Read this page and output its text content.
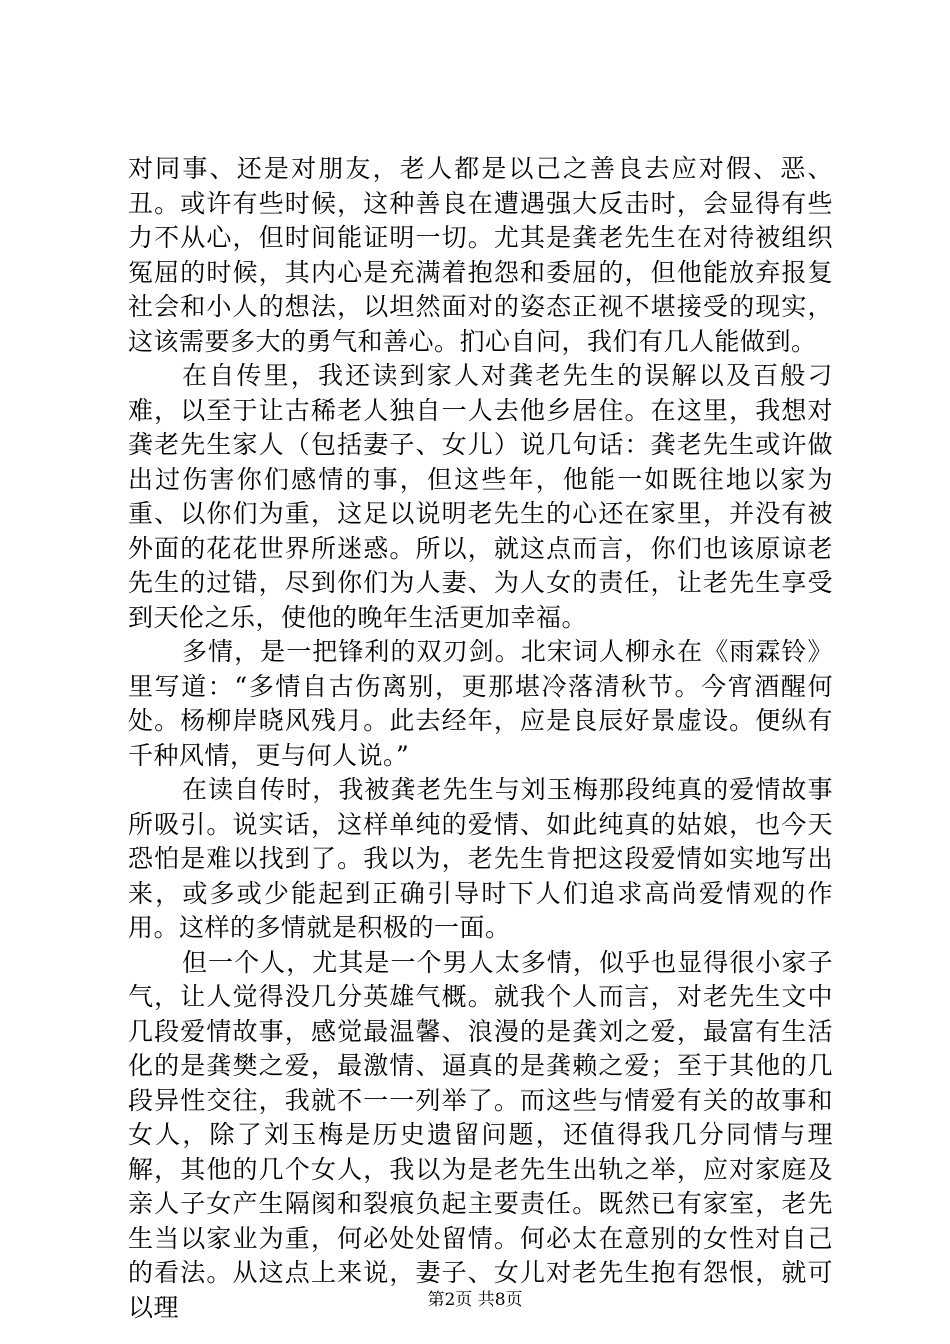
对同事、还是对朋友，老人都是以己之善良去应对假、恶、丑。或许有些时候，这种善良在遭遇强大反击时，会显得有些力不从心，但时间能证明一切。尤其是龚老先生在对待被组织冤屈的时候，其内心是充满着抱怨和委屈的，但他能放弃报复社会和小人的想法，以坦然面对的姿态正视不堪接受的现实，这该需要多大的勇气和善心。扪心自问，我们有几人能做到。

在自传里，我还读到家人对龚老先生的误解以及百般刁难，以至于让古稀老人独自一人去他乡居住。在这里，我想对龚老先生家人（包括妻子、女儿）说几句话：龚老先生或许做出过伤害你们感情的事，但这些年，他能一如既往地以家为重、以你们为重，这足以说明老先生的心还在家里，并没有被外面的花花世界所迷惑。所以，就这点而言，你们也该原谅老先生的过错，尽到你们为人妻、为人女的责任，让老先生享受到天伦之乐，使他的晚年生活更加幸福。

多情，是一把锋利的双刃剑。北宋词人柳永在《雨霖铃》里写道：“多情自古伤离别，更那堪冷落清秋节。今宵酒醒何处。杨柳岸晓风残月。此去经年，应是良辰好景虚设。便纵有千种风情，更与何人说。”

在读自传时，我被龚老先生与刘玉梅那段纯真的爱情故事所吸引。说实话，这样单纯的爱情、如此纯真的姑娘，也今天恐怕是难以找到了。我以为，老先生肯把这段爱情如实地写出来，或多或少能起到正确引导时下人们追求高尚爱情观的作用。这样的多情就是积极的一面。

但一个人，尤其是一个男人太多情，似乎也显得很小家子气，让人觉得没几分英雄气概。就我个人而言，对老先生文中几段爱情故事，感觉最温馨、浪漫的是龚刘之爱，最富有生活化的是龚樊之爱，最激情、逼真的是龚赖之爱；至于其他的几段异性交往，我就不一一列举了。而这些与情爱有关的故事和女人，除了刘玉梅是历史遗留问题，还值得我几分同情与理解，其他的几个女人，我以为是老先生出轨之举，应对家庭及亲人子女产生隔阂和裂痕负起主要责任。既然已有家室，老先生当以家业为重，何必处处留情。何必太在意别的女性对自己的看法。从这点上来说，妻子、女儿对老先生抱有怨恨，就可以理	第2页 共8页
